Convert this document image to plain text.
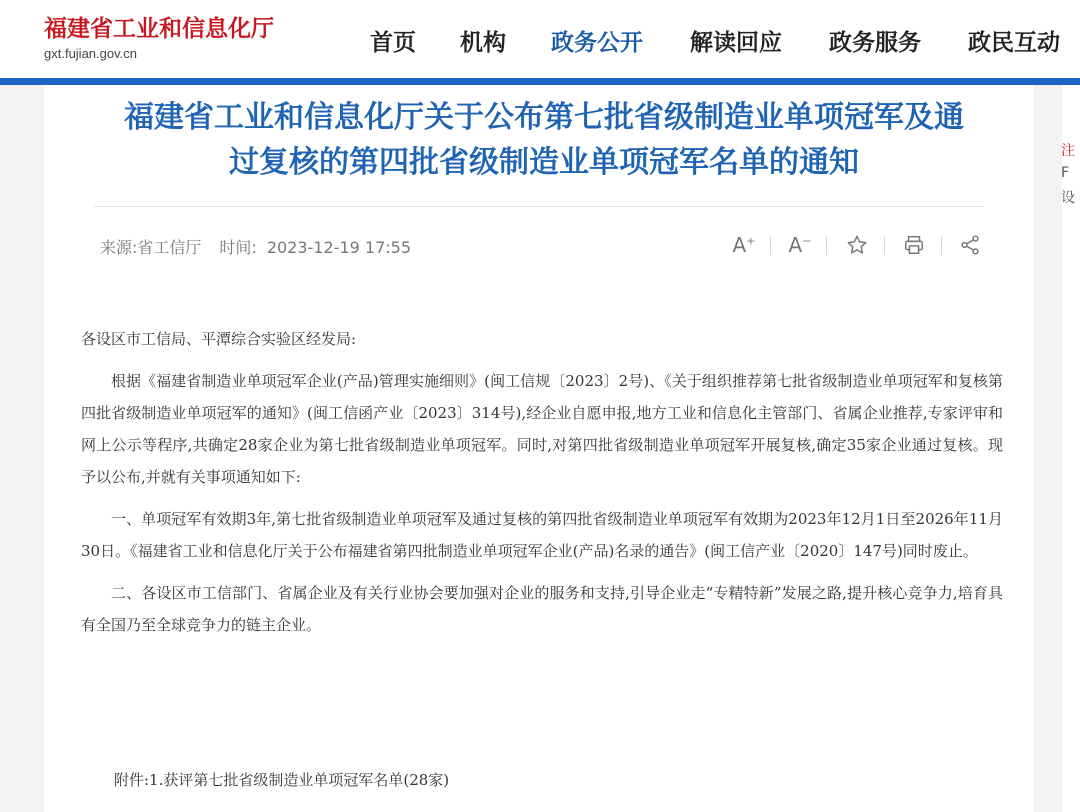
福建省工业和信息化厅
gxt.fujian.gov.cn	首页 机构 政务公开 解读回应 政务服务 政民互动
福建省工业和信息化厅关于公布第七批省级制造业单项冠军及通
过复核的第四批省级制造业单项冠军名单的通知
来源:省工信厅 时间: 2023-12-19 17:55	A+ A−

各设区市工信局、平潭综合实验区经发局:

根据《福建省制造业单项冠军企业(产品)管理实施细则》(闽工信规〔2023〕2号)、《关于组织推荐第七批省级制造业单项冠军和复核第四批省级制造业单项冠军的通知》(闽工信函产业〔2023〕314号),经企业自愿申报,地方工业和信息化主管部门、省属企业推荐,专家评审和网上公示等程序,共确定28家企业为第七批省级制造业单项冠军。同时,对第四批省级制造业单项冠军开展复核,确定35家企业通过复核。现予以公布,并就有关事项通知如下:

一、单项冠军有效期3年,第七批省级制造业单项冠军及通过复核的第四批省级制造业单项冠军有效期为2023年12月1日至2026年11月30日。《福建省工业和信息化厅关于公布福建省第四批制造业单项冠军企业(产品)名录的通告》(闽工信产业〔2020〕147号)同时废止。

二、各设区市工信部门、省属企业及有关行业协会要加强对企业的服务和支持,引导企业走“专精特新”发展之路,提升核心竞争力,培育具有全国乃至全球竞争力的链主企业。

附件:1.获评第七批省级制造业单项冠军名单(28家)
注
F
设
